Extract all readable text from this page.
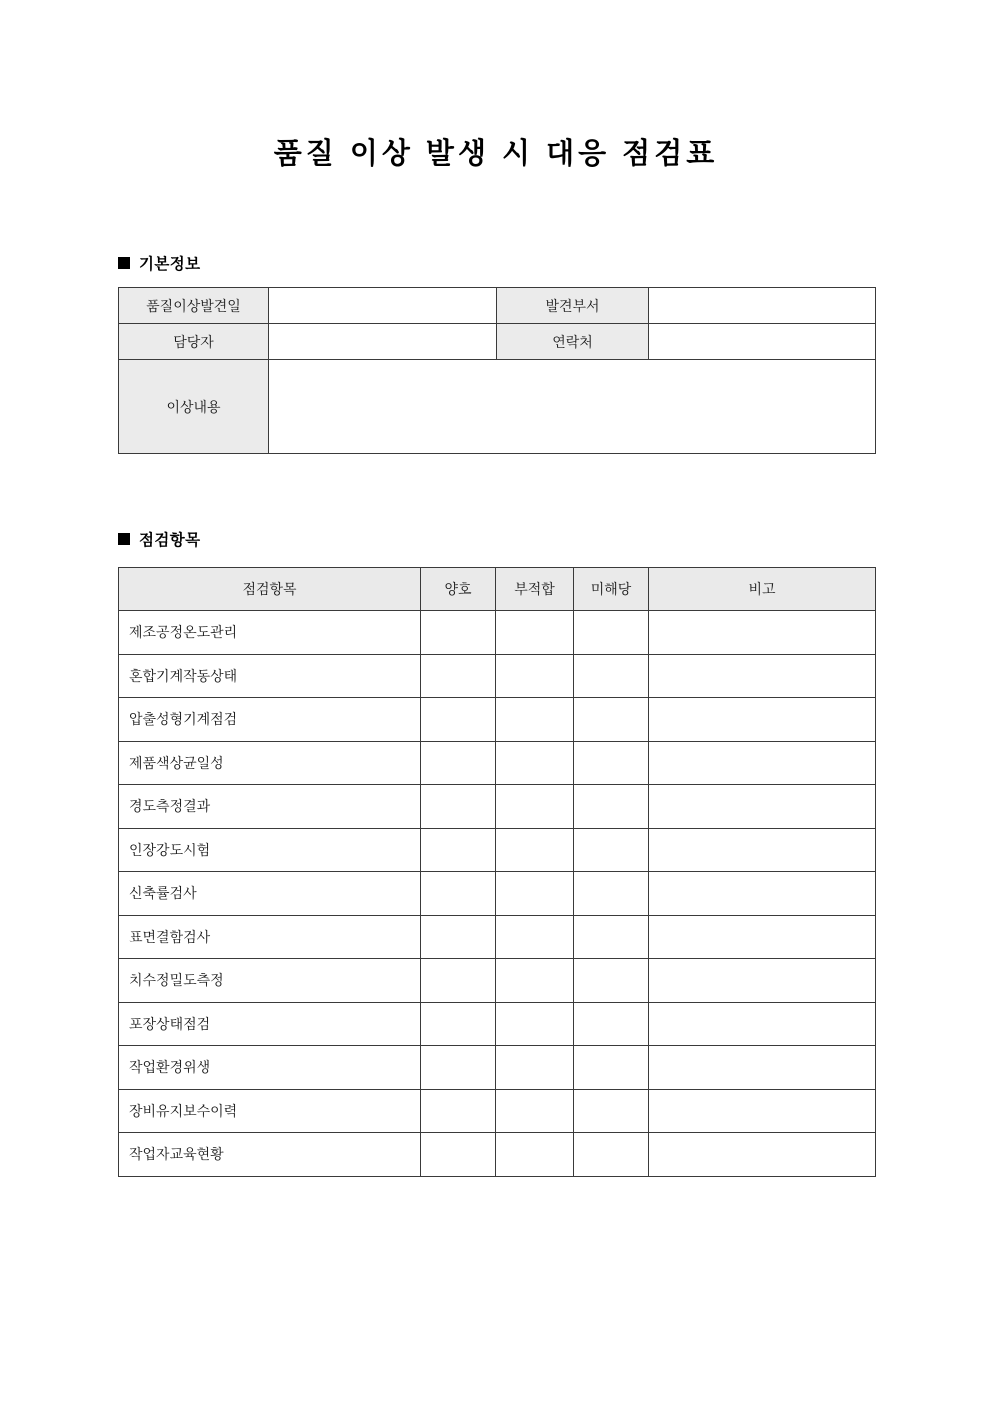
품질 이상 발생 시 대응 점검표
기본정보
품질이상발견일		발견부서	
담당자		연락처	
이상내용			
점검항목
점검항목	양호	부적합	미해당	비고
제조공정온도관리				
혼합기계작동상태				
압출성형기계점검				
제품색상균일성				
경도측정결과				
인장강도시험				
신축률검사				
표면결함검사				
치수정밀도측정				
포장상태점검				
작업환경위생				
장비유지보수이력				
작업자교육현황				
